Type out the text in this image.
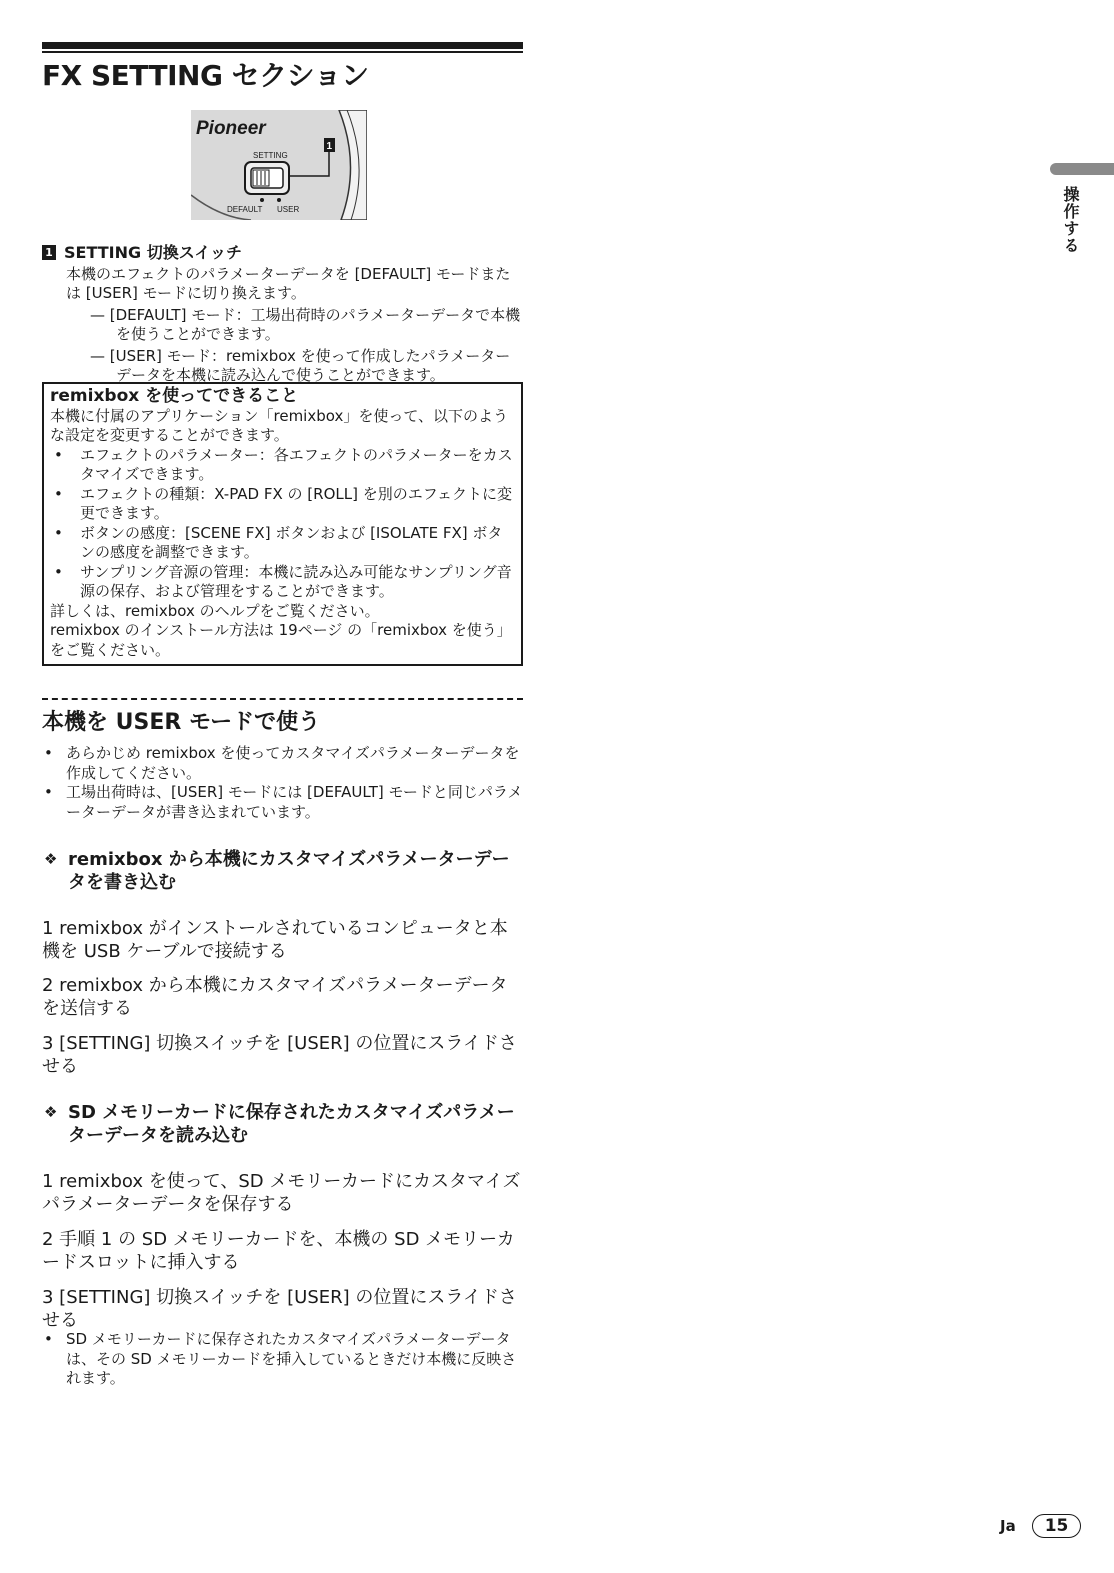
FX SETTING セクション
Pioneer
SETTING
1
DEFAULT USER
1 SETTING 切換スイッチ

本機のエフェクトのパラメーターデータを [DEFAULT] モードまたは [USER] モードに切り換えます。

— [DEFAULT] モード：工場出荷時のパラメーターデータで本機を使うことができます。

— [USER] モード：remixbox を使って作成したパラメーターデータを本機に読み込んで使うことができます。

remixbox を使ってできること

本機に付属のアプリケーション「remixbox」を使って、以下のような設定を変更することができます。

• エフェクトのパラメーター：各エフェクトのパラメーターをカスタマイズできます。
• エフェクトの種類：X-PAD FX の [ROLL] を別のエフェクトに変更できます。
• ボタンの感度：[SCENE FX] ボタンおよび [ISOLATE FX] ボタンの感度を調整できます。
• サンプリング音源の管理：本機に読み込み可能なサンプリング音源の保存、および管理をすることができます。

詳しくは、remixbox のヘルプをご覧ください。

remixbox のインストール方法は 19ページ の「remixbox を使う」をご覧ください。

本機を USER モードで使う
• あらかじめ remixbox を使ってカスタマイズパラメーターデータを作成してください。
• 工場出荷時は、[USER] モードには [DEFAULT] モードと同じパラメーターデータが書き込まれています。
❖ remixbox から本機にカスタマイズパラメーターデータを書き込む

1 remixbox がインストールされているコンピュータと本機を USB ケーブルで接続する

2 remixbox から本機にカスタマイズパラメーターデータを送信する

3 [SETTING] 切換スイッチを [USER] の位置にスライドさせる

❖ SD メモリーカードに保存されたカスタマイズパラメーターデータを読み込む

1 remixbox を使って、SD メモリーカードにカスタマイズパラメーターデータを保存する

2 手順 1 の SD メモリーカードを、本機の SD メモリーカードスロットに挿入する

3 [SETTING] 切換スイッチを [USER] の位置にスライドさせる

• SD メモリーカードに保存されたカスタマイズパラメーターデータは、その SD メモリーカードを挿入しているときだけ本機に反映されます。
操作する
Ja	15
